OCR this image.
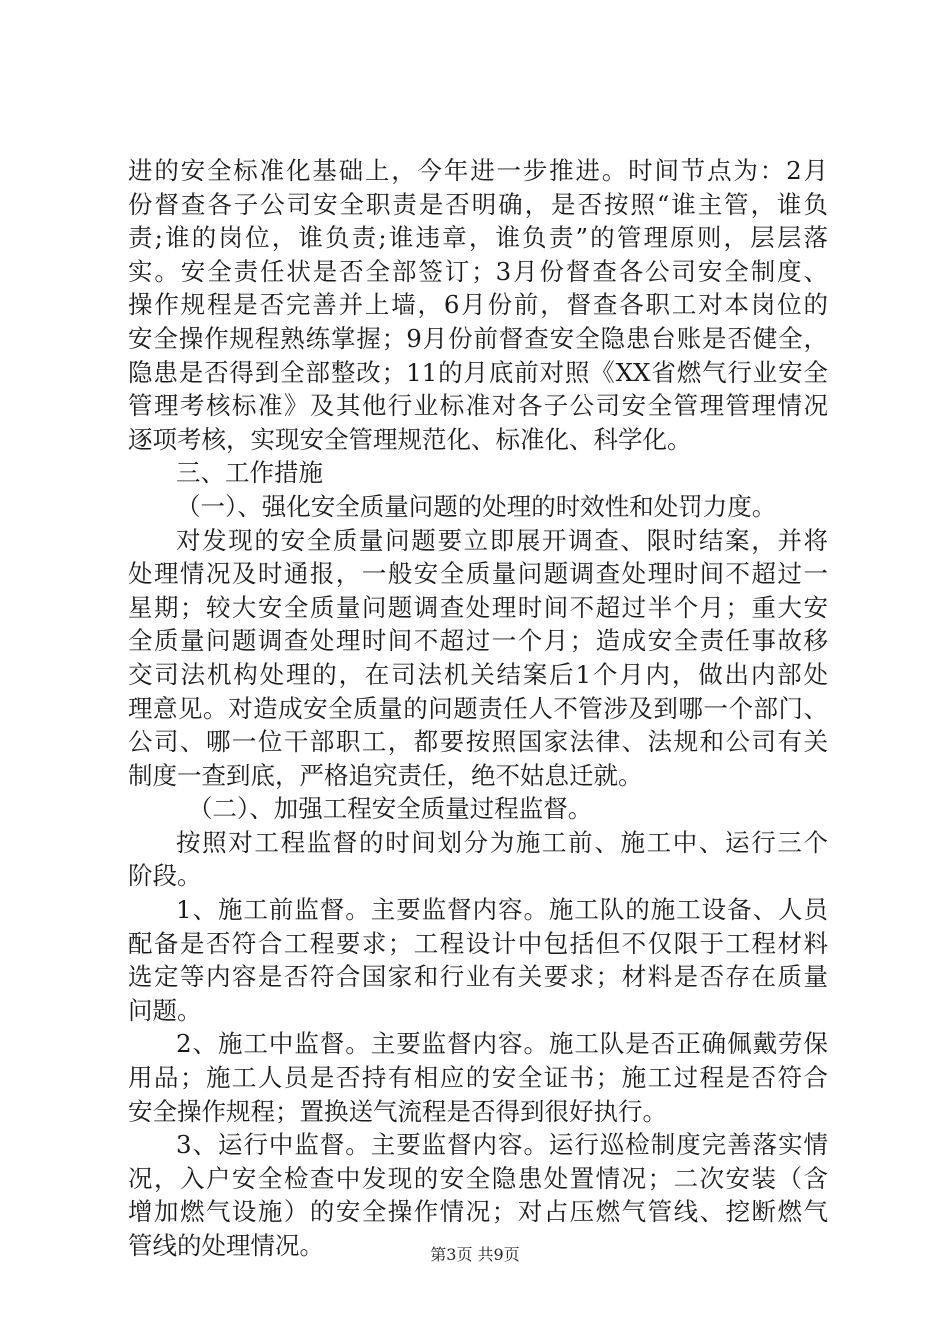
进的安全标准化基础上，今年进一步推进。时间节点为：2月
份督查各子公司安全职责是否明确，是否按照“谁主管，谁负
责;谁的岗位，谁负责;谁违章，谁负责”的管理原则，层层落
实。安全责任状是否全部签订；3月份督查各公司安全制度、
操作规程是否完善并上墙，6月份前，督查各职工对本岗位的
安全操作规程熟练掌握；9月份前督查安全隐患台账是否健全，
隐患是否得到全部整改；11的月底前对照《XX省燃气行业安全
管理考核标准》及其他行业标准对各子公司安全管理管理情况
逐项考核，实现安全管理规范化、标准化、科学化。
三、工作措施
（一）、强化安全质量问题的处理的时效性和处罚力度。
对发现的安全质量问题要立即展开调查、限时结案，并将
处理情况及时通报，一般安全质量问题调查处理时间不超过一
星期；较大安全质量问题调查处理时间不超过半个月；重大安
全质量问题调查处理时间不超过一个月；造成安全责任事故移
交司法机构处理的，在司法机关结案后1个月内，做出内部处
理意见。对造成安全质量的问题责任人不管涉及到哪一个部门、
公司、哪一位干部职工，都要按照国家法律、法规和公司有关
制度一查到底，严格追究责任，绝不姑息迁就。
（二）、加强工程安全质量过程监督。
按照对工程监督的时间划分为施工前、施工中、运行三个
阶段。
1、施工前监督。主要监督内容。施工队的施工设备、人员
配备是否符合工程要求；工程设计中包括但不仅限于工程材料
选定等内容是否符合国家和行业有关要求；材料是否存在质量
问题。
2、施工中监督。主要监督内容。施工队是否正确佩戴劳保
用品；施工人员是否持有相应的安全证书；施工过程是否符合
安全操作规程；置换送气流程是否得到很好执行。
3、运行中监督。主要监督内容。运行巡检制度完善落实情
况，入户安全检查中发现的安全隐患处置情况；二次安装（含
增加燃气设施）的安全操作情况；对占压燃气管线、挖断燃气
管线的处理情况。	第3页 共9页
